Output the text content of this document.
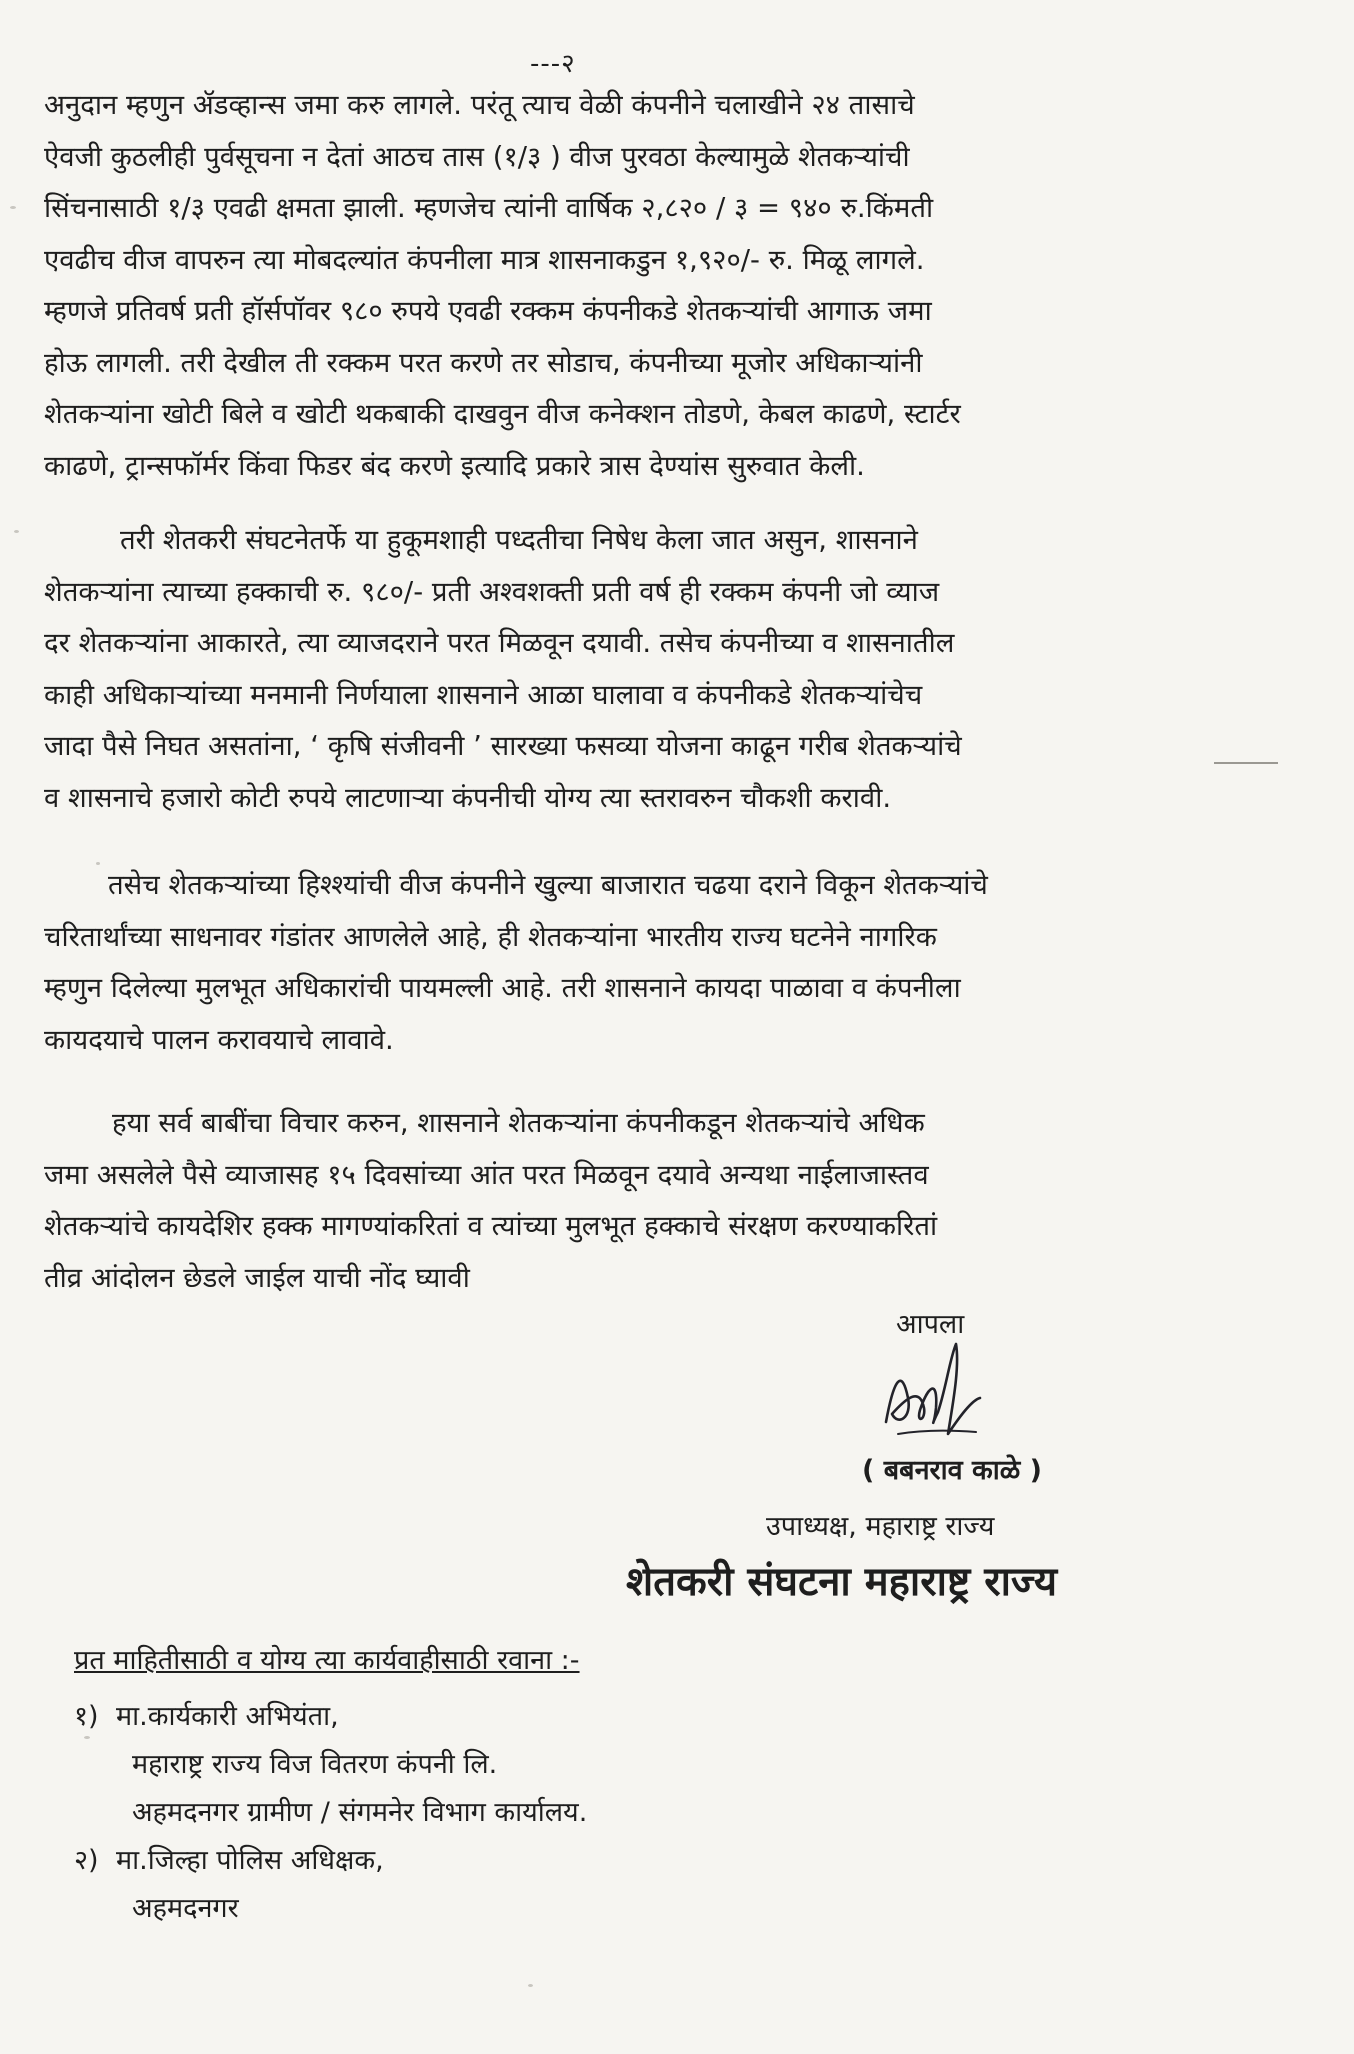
---२

अनुदान म्हणुन ॲडव्हान्स जमा करु लागले. परंतू त्याच वेळी कंपनीने चलाखीने २४ तासाचे
ऐवजी कुठलीही पुर्वसूचना न देतां आठच तास (१/३ ) वीज पुरवठा केल्यामुळे शेतकऱ्यांची
सिंचनासाठी १/३ एवढी क्षमता झाली. म्हणजेच त्यांनी वार्षिक २,८२० / ३ = ९४० रु.किंमती
एवढीच वीज वापरुन त्या मोबदल्यांत कंपनीला मात्र शासनाकडुन १,९२०/- रु. मिळू लागले.
म्हणजे प्रतिवर्ष प्रती हॉर्सपॉवर ९८० रुपये एवढी रक्कम कंपनीकडे शेतकऱ्यांची आगाऊ जमा
होऊ लागली. तरी देखील ती रक्कम परत करणे तर सोडाच, कंपनीच्या मूजोर अधिकाऱ्यांनी
शेतकऱ्यांना खोटी बिले व खोटी थकबाकी दाखवुन वीज कनेक्शन तोडणे, केबल काढणे, स्टार्टर
काढणे, ट्रान्सफॉर्मर किंवा फिडर बंद करणे इत्यादि प्रकारे त्रास देण्यांस सुरुवात केली.

तरी शेतकरी संघटनेतर्फे या हुकूमशाही पध्दतीचा निषेध केला जात असुन, शासनाने
शेतकऱ्यांना त्याच्या हक्काची रु. ९८०/- प्रती अश्वशक्ती प्रती वर्ष ही रक्कम कंपनी जो व्याज
दर शेतकऱ्यांना आकारते, त्या व्याजदराने परत मिळवून दयावी. तसेच कंपनीच्या व शासनातील
काही अधिकाऱ्यांच्या मनमानी निर्णयाला शासनाने आळा घालावा व कंपनीकडे शेतकऱ्यांचेच
जादा पैसे निघत असतांना, ‘ कृषि संजीवनी ’ सारख्या फसव्या योजना काढून गरीब शेतकऱ्यांचे
व शासनाचे हजारो कोटी रुपये लाटणाऱ्या कंपनीची योग्य त्या स्तरावरुन चौकशी करावी.

तसेच शेतकऱ्यांच्या हिश्श्यांची वीज कंपनीने खुल्या बाजारात चढया दराने विकून शेतकऱ्यांचे
चरितार्थांच्या साधनावर गंडांतर आणलेले आहे, ही शेतकऱ्यांना भारतीय राज्य घटनेने नागरिक
म्हणुन दिलेल्या मुलभूत अधिकारांची पायमल्ली आहे. तरी शासनाने कायदा पाळावा व कंपनीला
कायदयाचे पालन करावयाचे लावावे.

हया सर्व बाबींचा विचार करुन, शासनाने शेतकऱ्यांना कंपनीकडून शेतकऱ्यांचे अधिक
जमा असलेले पैसे व्याजासह १५ दिवसांच्या आंत परत मिळवून दयावे अन्यथा नाईलाजास्तव
शेतकऱ्यांचे कायदेशिर हक्क मागण्यांकरितां व त्यांच्या मुलभूत हक्काचे संरक्षण करण्याकरितां
तीव्र आंदोलन छेडले जाईल याची नोंद घ्यावी

आपला
( बबनराव काळे )
उपाध्यक्ष, महाराष्ट्र राज्य
शेतकरी संघटना महाराष्ट्र राज्य
प्रत माहितीसाठी व योग्य त्या कार्यवाहीसाठी रवाना :-
१) मा.कार्यकारी अभियंता,
महाराष्ट्र राज्य विज वितरण कंपनी लि.
अहमदनगर ग्रामीण / संगमनेर विभाग कार्यालय.
२) मा.जिल्हा पोलिस अधिक्षक,
अहमदनगर
